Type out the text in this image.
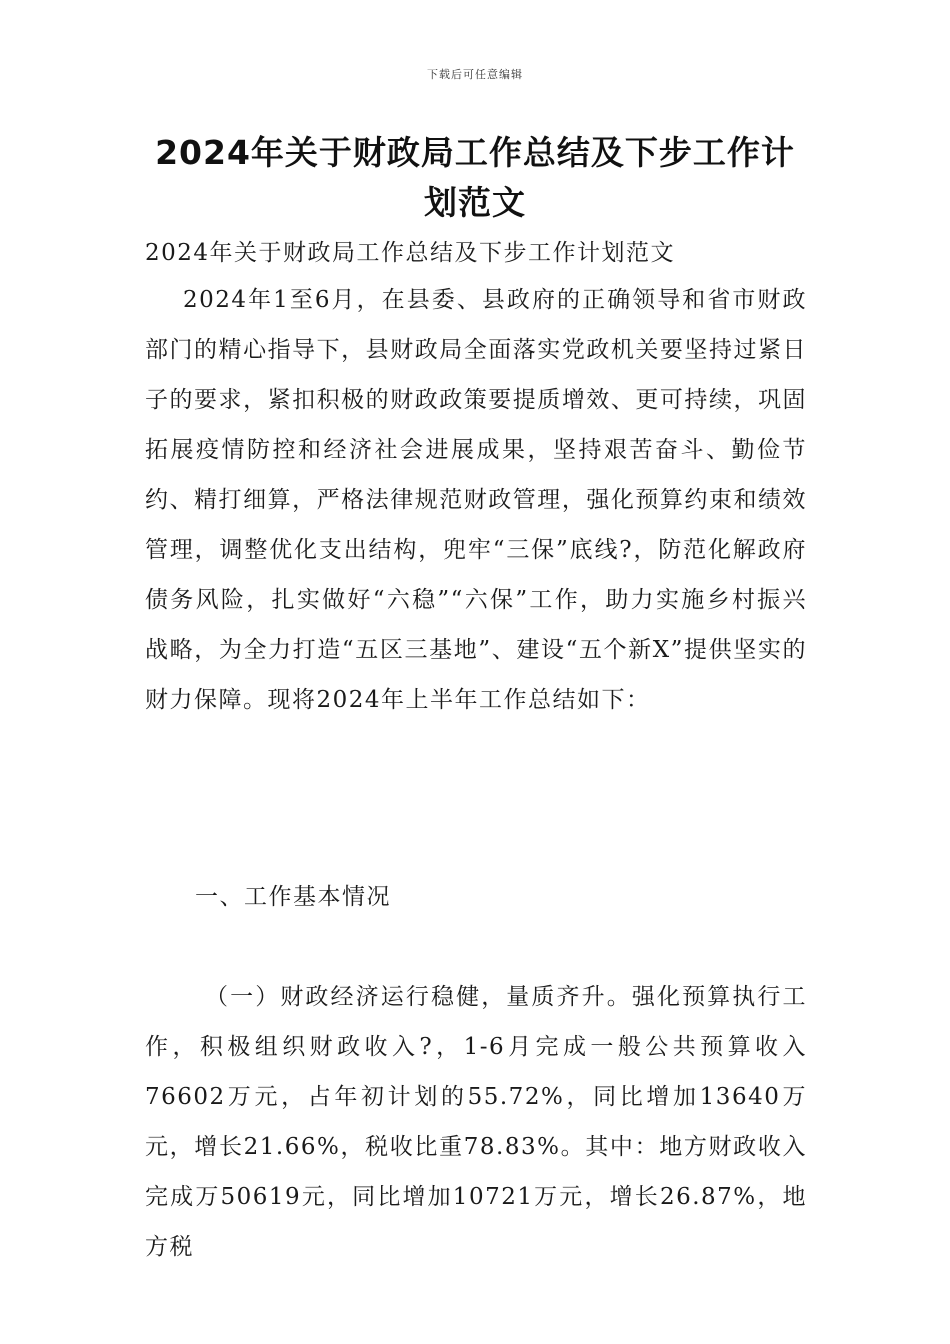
下载后可任意编辑
2024年关于财政局工作总结及下步工作计划范文

2024年关于财政局工作总结及下步工作计划范文

2024年1至6月，在县委、县政府的正确领导和省市财政部门的精心指导下，县财政局全面落实党政机关要坚持过紧日子的要求，紧扣积极的财政政策要提质增效、更可持续，巩固拓展疫情防控和经济社会进展成果，坚持艰苦奋斗、勤俭节约、精打细算，严格法律规范财政管理，强化预算约束和绩效管理，调整优化支出结构，兜牢“三保”底线?，防范化解政府债务风险，扎实做好“六稳”“六保”工作，助力实施乡村振兴战略，为全力打造“五区三基地”、建设“五个新X”提供坚实的财力保障。现将2024年上半年工作总结如下：

一、工作基本情况

（一）财政经济运行稳健，量质齐升。强化预算执行工作，积极组织财政收入?，1-6月完成一般公共预算收入76602万元，占年初计划的55.72%，同比增加13640万元，增长21.66%，税收比重78.83%。其中：地方财政收入完成万50619元，同比增加10721万元，增长26.87%，地方税
